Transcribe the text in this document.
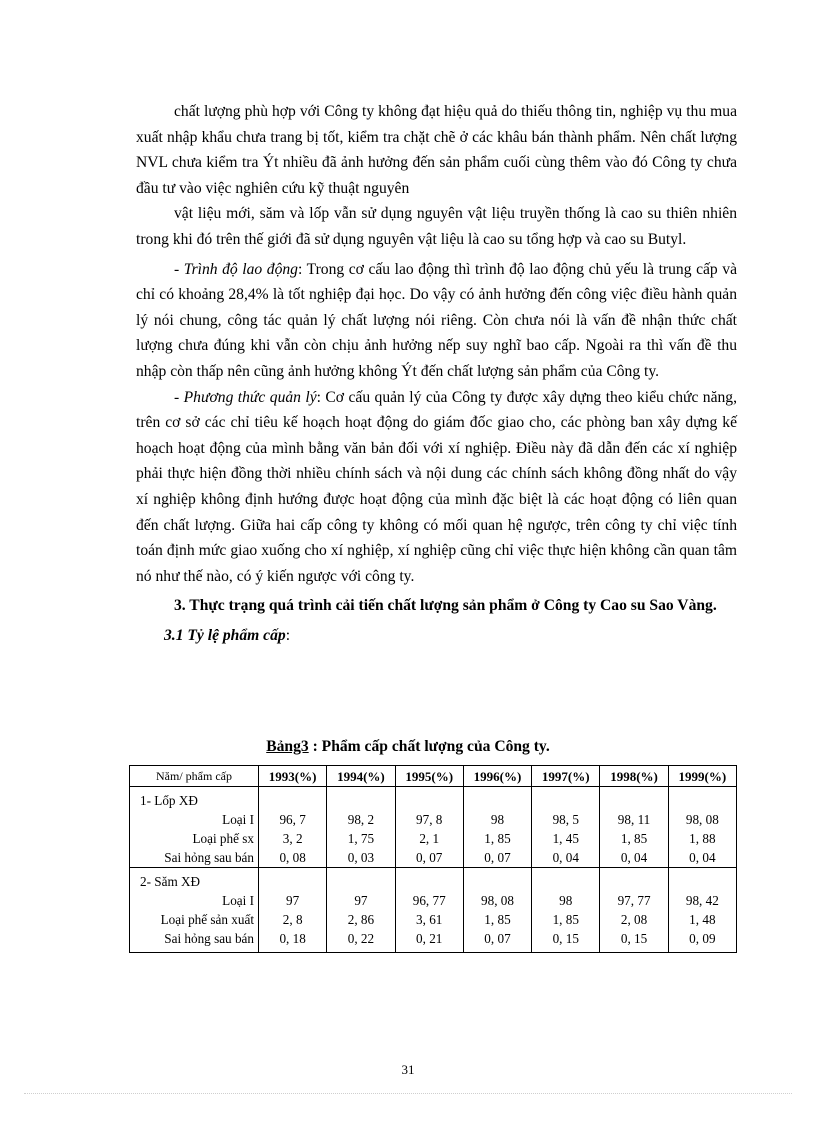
chất lượng phù hợp với Công ty không đạt hiệu quả do thiếu thông tin, nghiệp vụ thu mua xuất nhập khẩu chưa trang bị tốt, kiểm tra chặt chẽ ở các khâu bán thành phẩm. Nên chất lượng NVL chưa kiểm tra Ýt nhiều đã ảnh hưởng đến sản phẩm cuối cùng thêm vào đó Công ty chưa đầu tư vào việc nghiên cứu kỹ thuật nguyên

vật liệu mới, săm và lốp vẫn sử dụng nguyên vật liệu truyền thống là cao su thiên nhiên trong khi đó trên thế giới đã sử dụng nguyên vật liệu là cao su tổng hợp và cao su Butyl.

- Trình độ lao động: Trong cơ cấu lao động thì trình độ lao động chủ yếu là trung cấp và chỉ có khoảng 28,4% là tốt nghiệp đại học. Do vậy có ảnh hưởng đến công việc điều hành quản lý nói chung, công tác quản lý chất lượng nói riêng. Còn chưa nói là vấn đề nhận thức chất lượng chưa đúng khi vẫn còn chịu ảnh hưởng nếp suy nghĩ bao cấp. Ngoài ra thì vấn đề thu nhập còn thấp nên cũng ảnh hưởng không Ýt đến chất lượng sản phẩm của Công ty.

- Phương thức quản lý: Cơ cấu quản lý của Công ty được xây dựng theo kiểu chức năng, trên cơ sở các chỉ tiêu kế hoạch hoạt động do giám đốc giao cho, các phòng ban xây dựng kế hoạch hoạt động của mình bằng văn bản đối với xí nghiệp. Điều này đã dẫn đến các xí nghiệp phải thực hiện đồng thời nhiều chính sách và nội dung các chính sách không đồng nhất do vậy xí nghiệp không định hướng được hoạt động của mình đặc biệt là các hoạt động có liên quan đến chất lượng. Giữa hai cấp công ty không có mối quan hệ ngược, trên công ty chỉ việc tính toán định mức giao xuống cho xí nghiệp, xí nghiệp cũng chỉ việc thực hiện không cần quan tâm nó như thế nào, có ý kiến ngược với công ty.

3. Thực trạng quá trình cải tiến chất lượng sản phẩm ở Công ty Cao su Sao Vàng.

3.1 Tỷ lệ phẩm cấp:

Bảng3 : Phẩm cấp chất lượng của Công ty.
Năm/ phẩm cấp	1993(%)	1994(%)	1995(%)	1996(%)	1997(%)	1998(%)	1999(%)

1- Lốp XĐ							
Loại I	96, 7	98, 2	97, 8	98	98, 5	98, 11	98, 08
Loại phế sx	3, 2	1, 75	2, 1	1, 85	1, 45	1, 85	1, 88
Sai hỏng sau bán	0, 08	0, 03	0, 07	0, 07	0, 04	0, 04	0, 04

2- Săm XĐ							
Loại I	97	97	96, 77	98, 08	98	97, 77	98, 42
Loại phế sản xuất	2, 8	2, 86	3, 61	1, 85	1, 85	2, 08	1, 48
Sai hỏng sau bán	0, 18	0, 22	0, 21	0, 07	0, 15	0, 15	0, 09

31
